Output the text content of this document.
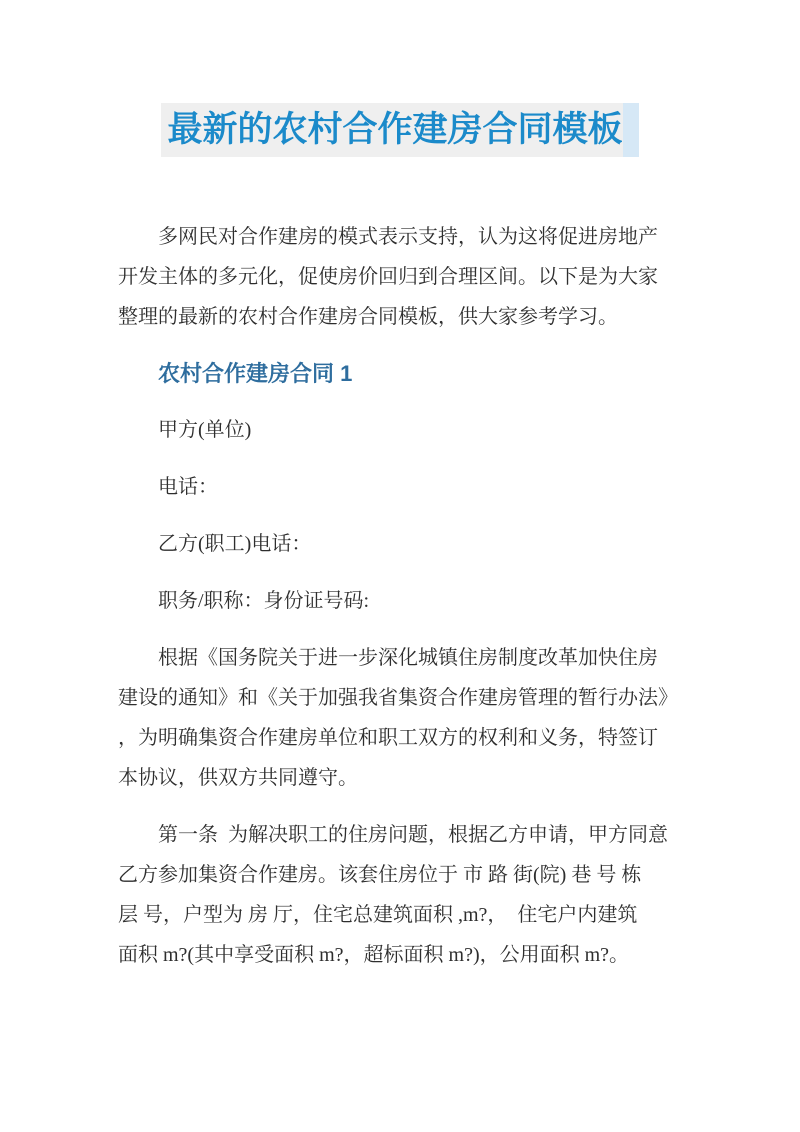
最新的农村合作建房合同模板
多网民对合作建房的模式表示支持，认为这将促进房地产
开发主体的多元化，促使房价回归到合理区间。以下是为大家
整理的最新的农村合作建房合同模板，供大家参考学习。
农村合作建房合同 1
甲方(单位)
电话：
乙方(职工)电话：
职务/职称：身份证号码:
根据《国务院关于进一步深化城镇住房制度改革加快住房
建设的通知》和《关于加强我省集资合作建房管理的暂行办法》
，为明确集资合作建房单位和职工双方的权利和义务，特签订
本协议，供双方共同遵守。
第一条  为解决职工的住房问题，根据乙方申请，甲方同意
乙方参加集资合作建房。该套住房位于 市 路 街(院) 巷 号 栋
层 号，户型为 房 厅，住宅总建筑面积 ,m?，  住宅户内建筑
面积 m?(其中享受面积 m?，超标面积 m?)，公用面积 m?。
